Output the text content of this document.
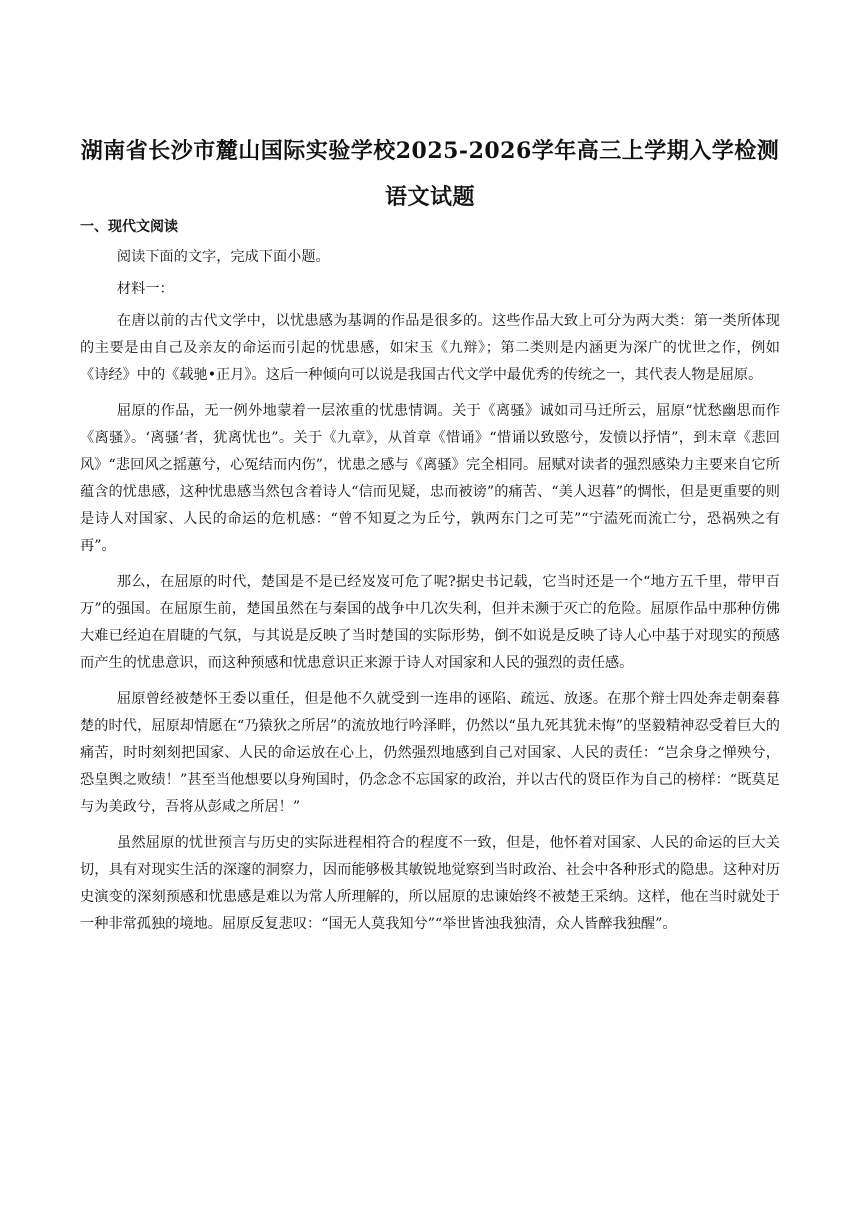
湖南省长沙市麓山国际实验学校2025-2026学年高三上学期入学检测语文试题
一、现代文阅读

阅读下面的文字，完成下面小题。

材料一：

在唐以前的古代文学中，以忧患感为基调的作品是很多的。这些作品大致上可分为两大类：第一类所体现的主要是由自己及亲友的命运而引起的忧患感，如宋玉《九辩》；第二类则是内涵更为深广的忧世之作，例如《诗经》中的《载驰•正月》。这后一种倾向可以说是我国古代文学中最优秀的传统之一，其代表人物是屈原。

屈原的作品，无一例外地蒙着一层浓重的忧患情调。关于《离骚》诚如司马迁所云，屈原“忧愁幽思而作《离骚》。‘离骚’者，犹离忧也”。关于《九章》，从首章《惜诵》“惜诵以致愍兮，发愤以抒情”，到末章《悲回风》“悲回风之摇蕙兮，心冤结而内伤”，忧患之感与《离骚》完全相同。屈赋对读者的强烈感染力主要来自它所蕴含的忧患感，这种忧患感当然包含着诗人“信而见疑，忠而被谤”的痛苦、“美人迟暮”的惆怅，但是更重要的则是诗人对国家、人民的命运的危机感：“曾不知夏之为丘兮，孰两东门之可芜”“宁溘死而流亡兮，恐祸殃之有再”。

那么，在屈原的时代，楚国是不是已经岌岌可危了呢?据史书记载，它当时还是一个“地方五千里，带甲百万”的强国。在屈原生前，楚国虽然在与秦国的战争中几次失利，但并未濒于灭亡的危险。屈原作品中那种仿佛大难已经迫在眉睫的气氛，与其说是反映了当时楚国的实际形势，倒不如说是反映了诗人心中基于对现实的预感而产生的忧患意识，而这种预感和忧患意识正来源于诗人对国家和人民的强烈的责任感。

屈原曾经被楚怀王委以重任，但是他不久就受到一连串的诬陷、疏远、放逐。在那个辩士四处奔走朝秦暮楚的时代，屈原却情愿在“乃猿狄之所居”的流放地行吟泽畔，仍然以“虽九死其犹未悔”的坚毅精神忍受着巨大的痛苦，时时刻刻把国家、人民的命运放在心上，仍然强烈地感到自己对国家、人民的责任：“岂余身之惮殃兮，恐皇舆之败绩！”甚至当他想要以身殉国时，仍念念不忘国家的政治，并以古代的贤臣作为自己的榜样：“既莫足与为美政兮，吾将从彭咸之所居！”

虽然屈原的忧世预言与历史的实际进程相符合的程度不一致，但是，他怀着对国家、人民的命运的巨大关切，具有对现实生活的深邃的洞察力，因而能够极其敏锐地觉察到当时政治、社会中各种形式的隐患。这种对历史演变的深刻预感和忧患感是难以为常人所理解的，所以屈原的忠谏始终不被楚王采纳。这样，他在当时就处于一种非常孤独的境地。屈原反复悲叹：“国无人莫我知兮”“举世皆浊我独清，众人皆醉我独醒”。
